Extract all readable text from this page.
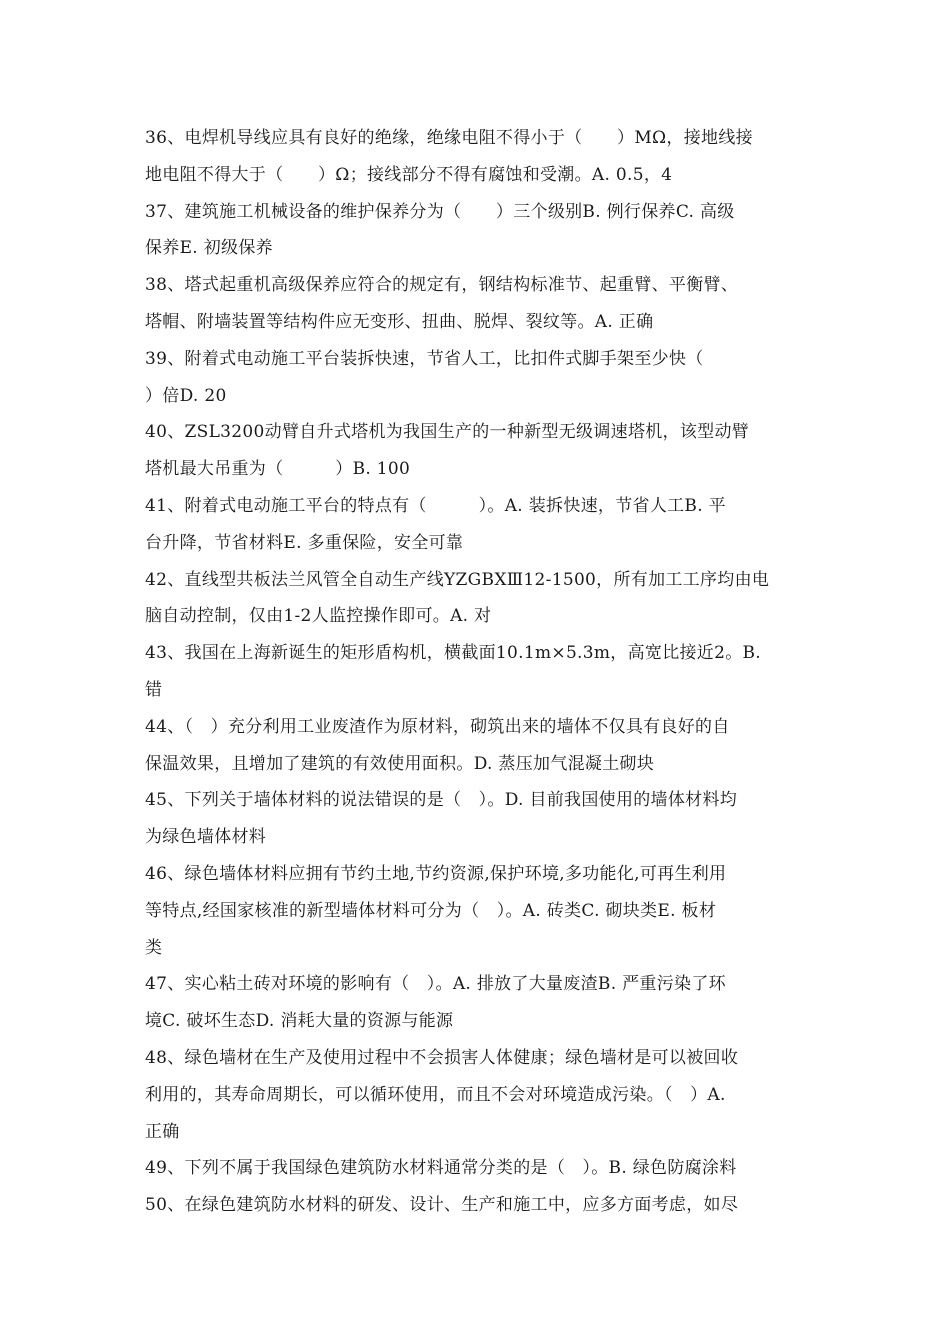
36、电焊机导线应具有良好的绝缘，绝缘电阻不得小于（　　）MΩ，接地线接
地电阻不得大于（　　）Ω；接线部分不得有腐蚀和受潮。A. 0.5，4
37、建筑施工机械设备的维护保养分为（　　）三个级别B. 例行保养C. 高级
保养E. 初级保养
38、塔式起重机高级保养应符合的规定有，钢结构标准节、起重臂、平衡臂、
塔帽、附墙装置等结构件应无变形、扭曲、脱焊、裂纹等。A. 正确
39、附着式电动施工平台装拆快速，节省人工，比扣件式脚手架至少快（
）倍D. 20
40、ZSL3200动臂自升式塔机为我国生产的一种新型无级调速塔机，该型动臂
塔机最大吊重为（　　　）B. 100
41、附着式电动施工平台的特点有（　　　）。A. 装拆快速，节省人工B. 平
台升降，节省材料E. 多重保险，安全可靠
42、直线型共板法兰风管全自动生产线YZGBXⅢ12-1500，所有加工工序均由电
脑自动控制，仅由1-2人监控操作即可。A. 对
43、我国在上海新诞生的矩形盾构机，横截面10.1m×5.3m，高宽比接近2。B.
错
44、（　）充分利用工业废渣作为原材料，砌筑出来的墙体不仅具有良好的自
保温效果，且增加了建筑的有效使用面积。D. 蒸压加气混凝土砌块
45、下列关于墙体材料的说法错误的是（　）。D. 目前我国使用的墙体材料均
为绿色墙体材料
46、绿色墙体材料应拥有节约土地,节约资源,保护环境,多功能化,可再生利用
等特点,经国家核准的新型墙体材料可分为（　）。A. 砖类C. 砌块类E. 板材
类
47、实心粘土砖对环境的影响有（　）。A. 排放了大量废渣B. 严重污染了环
境C. 破坏生态D. 消耗大量的资源与能源
48、绿色墙材在生产及使用过程中不会损害人体健康；绿色墙材是可以被回收
利用的，其寿命周期长，可以循环使用，而且不会对环境造成污染。（　）A.
正确
49、下列不属于我国绿色建筑防水材料通常分类的是（　）。B. 绿色防腐涂料
50、在绿色建筑防水材料的研发、设计、生产和施工中，应多方面考虑，如尽
